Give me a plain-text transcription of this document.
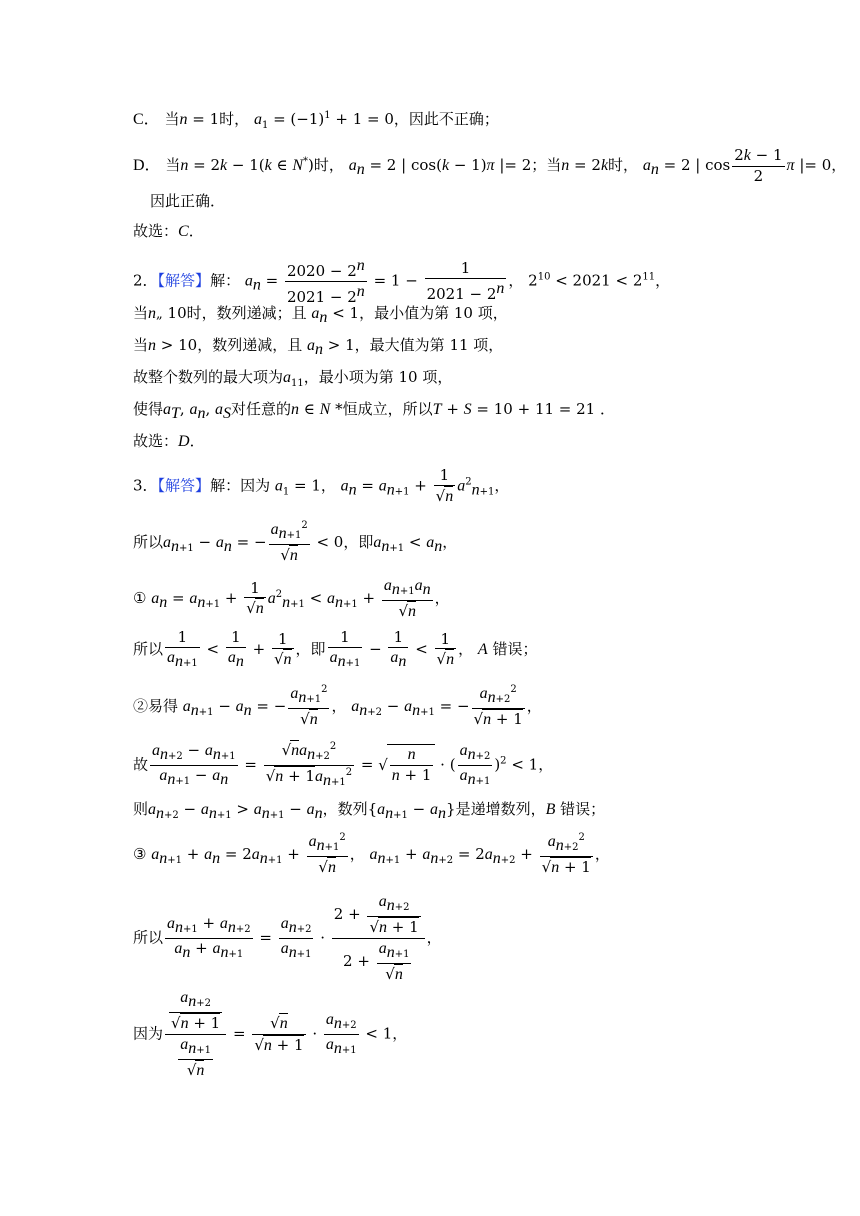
C． 当n = 1时， $a_1 = (-1)^1 + 1 = 0$，因此不正确；
D． 当n = 2k − 1(k ∈ N*)时， $a_n = 2$ | cos(k − 1)π |= 2；当n = 2k时， $a_n = 2$ | $\cos \frac{2k - 1}{2}$ π |= 0，
因此正确．
故选：C．
2．【解答】解： $a_n = \frac{2020 - 2^n}{2021 - 2^n} = 1 - \frac{1}{2021 - 2^n}$ ， $2^{10} < 2021 < 2^{11}$，
当n„ 10时，数列递减；且 $a_n < 1$，最小值为第 10 项，
当n > 10，数列递减，且 $a_n > 1$，最大值为第 11 项，
故整个数列的最大项为$a_{11}$，最小项为第 10 项，
使得$a_T$, $a_n$, $a_S$对任意的n ∈ N *恒成立，所以T + S = 10 + 11 = 21 ．
故选：D．
3．【解答】解：因为 $a_1 = 1$， $a_n = a_{n+1} + \frac{1}{√n} a^2_{n+1}$，
所以$a_{n+1} - a_n$ = − $\frac{a_{n+1}^2}{√n} < 0$，即$a_{n+1} < a_n$，
① $a_n = a_{n+1} + \frac{1}{√n} a^2_{n+1} < a_{n+1} + \frac{a_{n+1}a_n}{√n}$ ，
所以 $\frac{1}{a_{n+1}} < \frac{1}{a_n} + \frac{1}{√n}$ ，即 $\frac{1}{a_{n+1}} - \frac{1}{a_n} < \frac{1}{√n}$ ， A 错误；
②易得 $a_{n+1} - a_n$ = − $\frac{a_{n+1}^2}{√n}$ ， $a_{n+2} - a_{n+1}$ = − $\frac{a_{n+2}^2}{√n + 1}$ ，
故 $\frac{a_{n+2} - a_{n+1}}{a_{n+1} - a_n} = \frac{√na_{n+2}^2}{√n + 1a_{n+1}^2}$ = √ $\frac{n}{n + 1}$ · ( $\frac{a_{n+2}}{a_{n+1}} )^2 < 1$，
则$a_{n+2} - a_{n+1} > a_{n+1} - a_n$，数列$\{a_{n+1} - a_n\}$是递增数列，B 错误；
③ $a_{n+1} + a_n = 2a_{n+1} + \frac{a_{n+1}^2}{√n}$ ， $a_{n+1} + a_{n+2} = 2a_{n+2} + \frac{a_{n+2}^2}{√n + 1}$ ，
所以 $\frac{a_{n+1} + a_{n+2}}{a_n + a_{n+1}} = \frac{a_{n+2}}{a_{n+1}} \cdot \frac{2 + \frac{a_{n+2}}{√n + 1}}{2 + \frac{a_{n+1}}{√n}}$ ，
因为 $\frac{\frac{a_{n+2}}{√n + 1}}{\frac{a_{n+1}}{√n}} = \frac{√n}{√n + 1} \cdot \frac{a_{n+2}}{a_{n+1}} < 1$，
